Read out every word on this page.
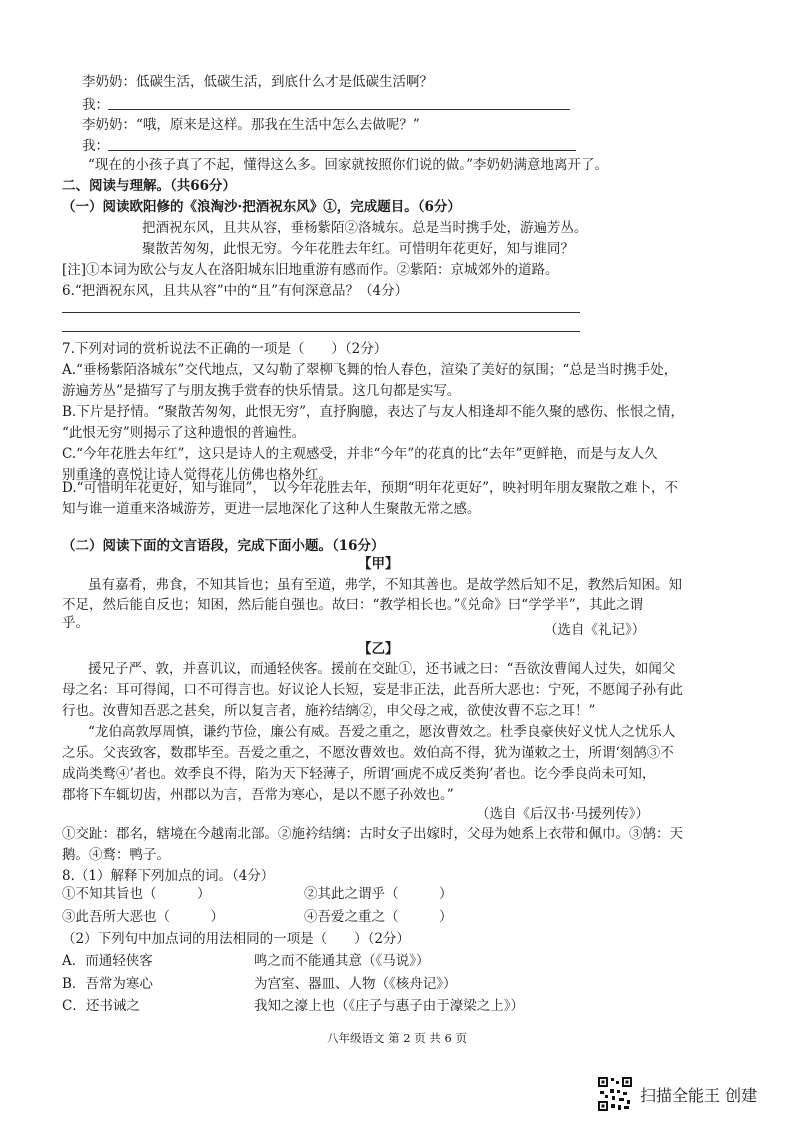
李奶奶：低碳生活，低碳生活，到底什么才是低碳生活啊？
我：
李奶奶：“哦，原来是这样。那我在生活中怎么去做呢？”
我：
“现在的小孩子真了不起，懂得这么多。回家就按照你们说的做。”李奶奶满意地离开了。
二、阅读与理解。（共66分）
（一）阅读欧阳修的《浪淘沙·把酒祝东风》①，完成题目。（6分）
把酒祝东风，且共从容，垂杨紫陌②洛城东。总是当时携手处，游遍芳丛。
聚散苦匆匆，此恨无穷。今年花胜去年红。可惜明年花更好，知与谁同？
[注]①本词为欧公与友人在洛阳城东旧地重游有感而作。②紫陌：京城郊外的道路。
6.“把酒祝东风，且共从容”中的“且”有何深意品？（4分）
7.下列对词的赏析说法不正确的一项是（　　）（2分）
A.“垂杨紫陌洛城东”交代地点，又勾勒了翠柳飞舞的怡人春色，渲染了美好的氛围；“总是当时携手处，
游遍芳丛”是描写了与朋友携手赏春的快乐情景。这几句都是实写。
B.下片是抒情。“聚散苦匆匆，此恨无穷”，直抒胸臆，表达了与友人相逢却不能久聚的感伤、怅恨之情，
“此恨无穷”则揭示了这种遗恨的普遍性。
C.“今年花胜去年红”，这只是诗人的主观感受，并非“今年”的花真的比“去年”更鲜艳，而是与友人久
别重逢的喜悦让诗人觉得花儿仿佛也格外红。
D.“可惜明年花更好，知与谁同”，　以今年花胜去年，预期“明年花更好”，映衬明年朋友聚散之难卜，不
知与谁一道重来洛城游芳，更进一层地深化了这种人生聚散无常之感。
（二）阅读下面的文言语段，完成下面小题。（16分）
【甲】
虽有嘉肴，弗食，不知其旨也；虽有至道，弗学，不知其善也。是故学然后知不足，教然后知困。知
不足，然后能自反也；知困，然后能自强也。故曰：“教学相长也。”《兑命》曰“学学半”，其此之谓
乎。	（选自《礼记》）
【乙】
援兄子严、敦，并喜讥议，而通轻侠客。援前在交趾①，还书诫之曰：“吾欲汝曹闻人过失，如闻父
母之名：耳可得闻，口不可得言也。好议论人长短，妄是非正法，此吾所大恶也：宁死，不愿闻子孙有此
行也。汝曹知吾恶之甚矣，所以复言者，施衿结缡②，申父母之戒，欲使汝曹不忘之耳！”
“龙伯高敦厚周慎，谦约节俭，廉公有威。吾爱之重之，愿汝曹效之。杜季良豪侠好义忧人之忧乐人
之乐。父丧致客，数郡毕至。吾爱之重之，不愿汝曹效也。效伯高不得，犹为谨敕之士，所谓‘刻鹄③不
成尚类鹜④’者也。效季良不得，陷为天下轻薄子，所谓‘画虎不成反类狗’者也。讫今季良尚未可知，
郡将下车辄切齿，州郡以为言，吾常为寒心，是以不愿子孙效也。”
（选自《后汉书·马援列传》）
①交趾：郡名，辖境在今越南北部。②施衿结缡：古时女子出嫁时，父母为她系上衣带和佩巾。③鹄：天
鹅。④鹜：鸭子。
8.（1）解释下列加点的词。（4分）
①不知其旨也（　　　）	②其此之谓乎（　　　）
③此吾所大恶也（　　　）	④吾爱之重之（　　　）
（2）下列句中加点词的用法相同的一项是（　　）（2分）
A．而通轻侠客	鸣之而不能通其意（《马说》）
B．吾常为寒心	为宫室、器皿、人物（《核舟记》）
C．还书诫之	我知之濠上也（《庄子与惠子由于濠梁之上》）
八年级语文 第 2 页 共 6 页
扫描全能王 创建
